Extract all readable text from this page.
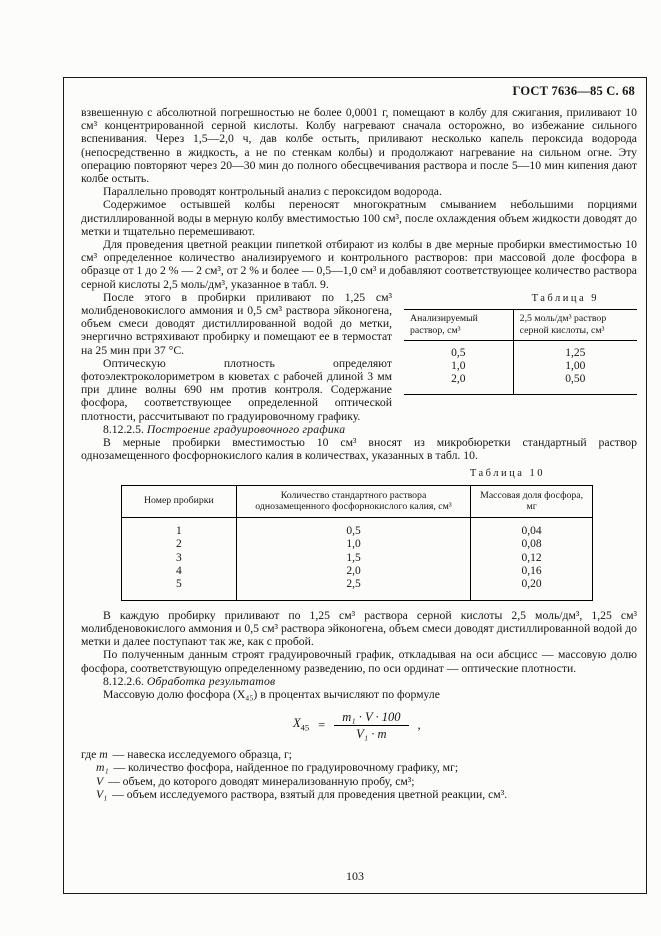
ГОСТ 7636—85 С. 68

взвешенную с абсолютной погрешностью не более 0,0001 г, помещают в колбу для сжигания, приливают 10 см³ концентрированной серной кислоты. Колбу нагревают сначала осторожно, во избежание сильного вспенивания. Через 1,5—2,0 ч, дав колбе остыть, приливают несколько капель пероксида водорода (непосредственно в жидкость, а не по стенкам колбы) и продолжают нагревание на сильном огне. Эту операцию повторяют через 20—30 мин до полного обесцвечивания раствора и после 5—10 мин кипения дают колбе остыть.

Параллельно проводят контрольный анализ с пероксидом водорода.

Содержимое остывшей колбы переносят многократным смыванием небольшими порциями дистиллированной воды в мерную колбу вместимостью 100 см³, после охлаждения объем жидкости доводят до метки и тщательно перемешивают.

Для проведения цветной реакции пипеткой отбирают из колбы в две мерные пробирки вместимостью 10 см³ определенное количество анализируемого и контрольного растворов: при массовой доле фосфора в образце от 1 до 2 % — 2 см³, от 2 % и более — 0,5—1,0 см³ и добавляют соответствующее количество раствора серной кислоты 2,5 моль/дм³, указанное в табл. 9.

Таблица 9
Анализируемый раствор, см³	2,5 моль/дм³ раствор серной кислоты, см³
0,5	1,25
1,0	1,00
2,0	0,50

После этого в пробирки приливают по 1,25 см³ молибденовокислого аммония и 0,5 см³ раствора эйконогена, объем смеси доводят дистиллированной водой до метки, энергично встряхивают пробирку и помещают ее в термостат на 25 мин при 37 °С.

Оптическую плотность определяют фотоэлектроколориметром в кюветах с рабочей длиной 3 мм при длине волны 690 нм против контроля. Содержание фосфора, соответствующее определенной оптической плотности, рассчитывают по градуировочному графику.

8.12.2.5. Построение градуировочного графика

В мерные пробирки вместимостью 10 см³ вносят из микробюретки стандартный раствор однозамещенного фосфорнокислого калия в количествах, указанных в табл. 10.

Таблица 10
Номер пробирки	Количество стандартного раствора однозамещенного фосфорнокислого калия, см³	Массовая доля фосфора, мг
1	0,5	0,04
2	1,0	0,08
3	1,5	0,12
4	2,0	0,16
5	2,5	0,20

В каждую пробирку приливают по 1,25 см³ раствора серной кислоты 2,5 моль/дм³, 1,25 см³ молибденовокислого аммония и 0,5 см³ раствора эйконогена, объем смеси доводят дистиллированной водой до метки и далее поступают так же, как с пробой.

По полученным данным строят градуировочный график, откладывая на оси абсцисс — массовую долю фосфора, соответствующую определенному разведению, по оси ординат — оптические плотности.

8.12.2.6. Обработка результатов

Массовую долю фосфора (X₄₅) в процентах вычисляют по формуле

$X_{45} = \frac{\text{m₁ · V · 100}}{\text{V₁ · m}}$ ,
где m — навеска исследуемого образца, г;
m₁ — количество фосфора, найденное по градуировочному графику, мг;
V — объем, до которого доводят минерализованную пробу, см³;
V₁ — объем исследуемого раствора, взятый для проведения цветной реакции, см³.
103
